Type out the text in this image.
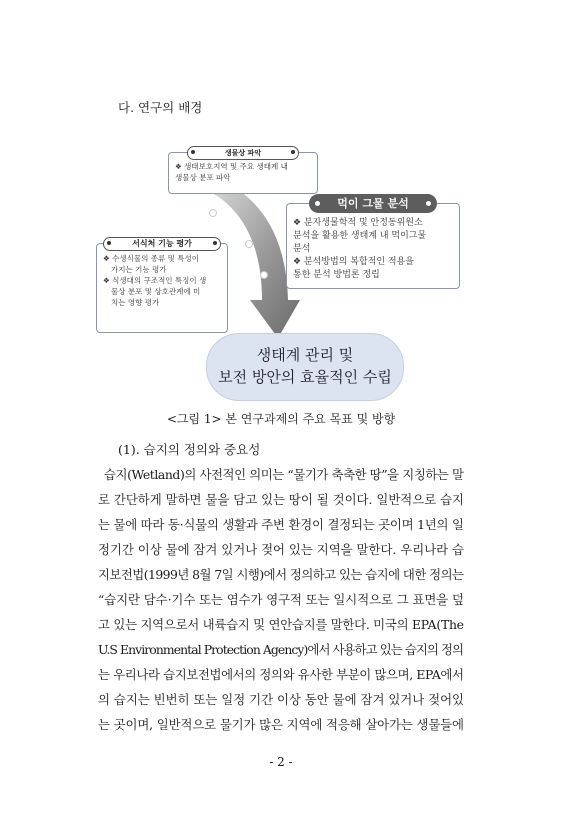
다. 연구의 배경
생물상 파악
❖ 생태보호지역 및 주요 생태계 내
생물상 분포 파악
먹이 그물 분석
❖ 분자생물학적 및 안정동위원소
분석을 활용한 생태계 내 먹이그물
분석
❖ 분석방법의 복합적인 적용을
통한 분석 방법론 정립
서식처 기능 평가
❖ 수생식물의 종류 및 특성이
가지는 기능 평가
❖ 식생대의 구조적인 특징이 생
물상 분포 및 상호관계에 미
치는 영향 평가
생태계 관리 및
보전 방안의 효율적인 수립
<그림 1> 본 연구과제의 주요 목표 및 방향
(1). 습지의 정의와 중요성
습지(Wetland)의 사전적인 의미는 “물기가 축축한 땅”을 지칭하는 말
로 간단하게 말하면 물을 담고 있는 땅이 될 것이다. 일반적으로 습지
는 물에 따라 동·식물의 생활과 주변 환경이 결정되는 곳이며 1년의 일
정기간 이상 물에 잠겨 있거나 젖어 있는 지역을 말한다. 우리나라 습
지보전법(1999년 8월 7일 시행)에서 정의하고 있는 습지에 대한 정의는
“습지란 담수·기수 또는 염수가 영구적 또는 일시적으로 그 표면을 덮
고 있는 지역으로서 내륙습지 및 연안습지를 말한다. 미국의 EPA(The
U.S Environmental Protection Agency)에서 사용하고 있는 습지의 정의
는 우리나라 습지보전법에서의 정의와 유사한 부분이 많으며, EPA에서
의 습지는 빈번히 또는 일정 기간 이상 동안 물에 잠겨 있거나 젖어있
는 곳이며, 일반적으로 물기가 많은 지역에 적응해 살아가는 생물들에
- 2 -
